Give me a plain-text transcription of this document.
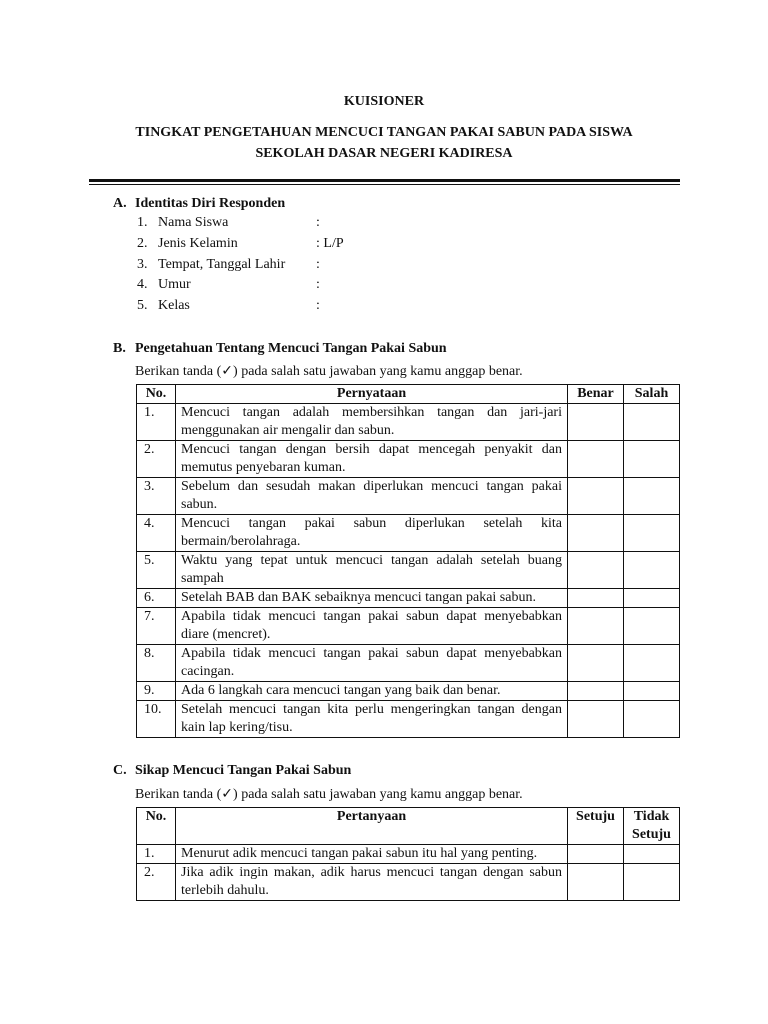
KUISIONER
TINGKAT PENGETAHUAN MENCUCI TANGAN PAKAI SABUN PADA SISWA
SEKOLAH DASAR NEGERI KADIRESA
A. Identitas Diri Responden
1. Nama Siswa	:
2. Jenis Kelamin	: L/P
3. Tempat, Tanggal Lahir :
4. Umur	:
5. Kelas	:
B. Pengetahuan Tentang Mencuci Tangan Pakai Sabun
Berikan tanda (✓) pada salah satu jawaban yang kamu anggap benar.
No.	Pernyataan	Benar	Salah
1.	Mencuci tangan adalah membersihkan tangan dan jari-jari menggunakan air mengalir dan sabun.		
2.	Mencuci tangan dengan bersih dapat mencegah penyakit dan memutus penyebaran kuman.		
3.	Sebelum dan sesudah makan diperlukan mencuci tangan pakai sabun.		
4.	Mencuci tangan pakai sabun diperlukan setelah kita bermain/berolahraga.		
5.	Waktu yang tepat untuk mencuci tangan adalah setelah buang sampah		
6.	Setelah BAB dan BAK sebaiknya mencuci tangan pakai sabun.		
7.	Apabila tidak mencuci tangan pakai sabun dapat menyebabkan diare (mencret).		
8.	Apabila tidak mencuci tangan pakai sabun dapat menyebabkan cacingan.		
9.	Ada 6 langkah cara mencuci tangan yang baik dan benar.		
10.	Setelah mencuci tangan kita perlu mengeringkan tangan dengan kain lap kering/tisu.		
C. Sikap Mencuci Tangan Pakai Sabun
Berikan tanda (✓) pada salah satu jawaban yang kamu anggap benar.
No.	Pertanyaan	Setuju	Tidak Setuju
1.	Menurut adik mencuci tangan pakai sabun itu hal yang penting.		
2.	Jika adik ingin makan, adik harus mencuci tangan dengan sabun terlebih dahulu.		
